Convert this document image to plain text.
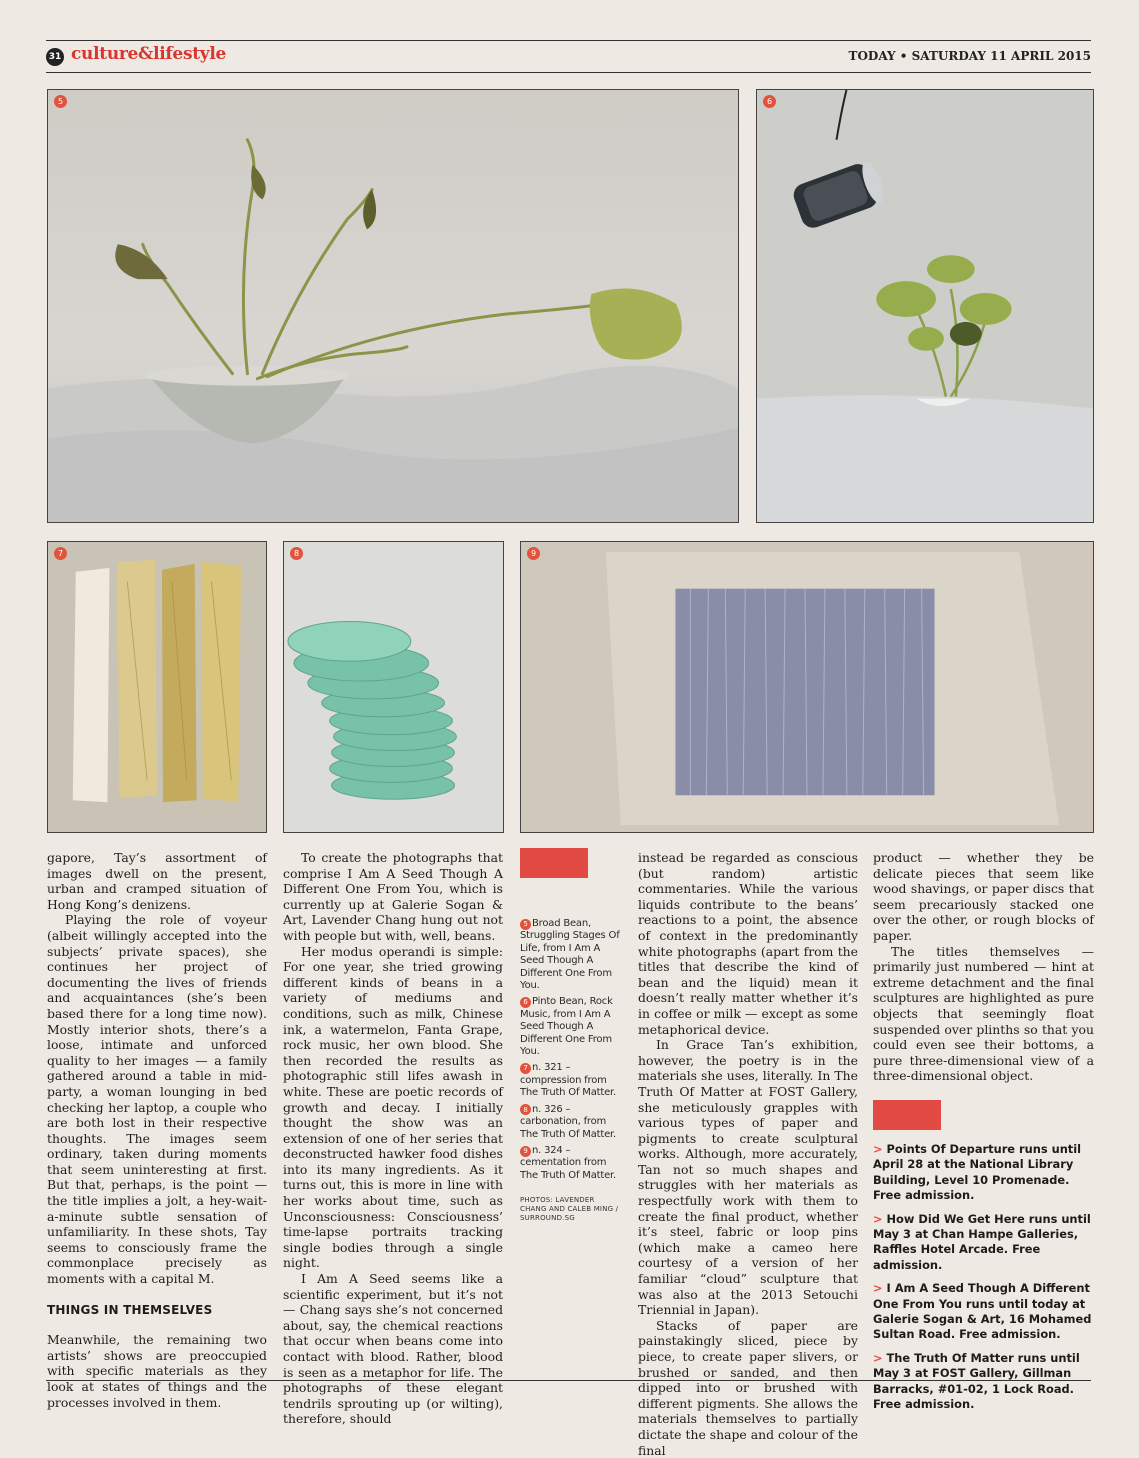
31 culture&lifestyle	TODAY • SATURDAY 11 APRIL 2015
5	6
7	8	9

gapore, Tay’s assortment of images dwell on the present, urban and cramped situation of Hong Kong’s denizens.

Playing the role of voyeur (albeit willingly accepted into the subjects’ private spaces), she continues her project of documenting the lives of friends and acquaintances (she’s been based there for a long time now). Mostly interior shots, there’s a loose, intimate and unforced quality to her images — a family gathered around a table in mid-party, a woman lounging in bed checking her laptop, a couple who are both lost in their respective thoughts. The images seem ordinary, taken during moments that seem uninteresting at first. But that, perhaps, is the point — the title implies a jolt, a hey-wait-a-minute subtle sensation of unfamiliarity. In these shots, Tay seems to consciously frame the commonplace precisely as moments with a capital M.

THINGS IN THEMSELVES

Meanwhile, the remaining two artists’ shows are preoccupied with specific materials as they look at states of things and the processes involved in them.

To create the photographs that comprise I Am A Seed Though A Different One From You, which is currently up at Galerie Sogan & Art, Lavender Chang hung out not with people but with, well, beans.

Her modus operandi is simple: For one year, she tried growing different kinds of beans in a variety of mediums and conditions, such as milk, Chinese ink, a watermelon, Fanta Grape, rock music, her own blood. She then recorded the results as photographic still lifes awash in white. These are poetic records of growth and decay. I initially thought the show was an extension of one of her series that deconstructed hawker food dishes into its many ingredients. As it turns out, this is more in line with her works about time, such as Unconsciousness: Consciousness’ time-lapse portraits tracking single bodies through a single night.

I Am A Seed seems like a scientific experiment, but it’s not — Chang says she’s not concerned about, say, the chemical reactions that occur when beans come into contact with blood. Rather, blood is seen as a metaphor for life. The photographs of these elegant tendrils sprouting up (or wilting), therefore, should

5 Broad Bean, Struggling Stages Of Life, from I Am A Seed Though A Different One From You.
6 Pinto Bean, Rock Music, from I Am A Seed Though A Different One From You.
7 n. 321 – compression from The Truth Of Matter.
8 n. 326 – carbonation, from The Truth Of Matter.
9 n. 324 – cementation from The Truth Of Matter.
PHOTOS: LAVENDER CHANG AND CALEB MING / SURROUND.SG

instead be regarded as conscious (but random) artistic commentaries. While the various liquids contribute to the beans’ reactions to a point, the absence of context in the predominantly white photographs (apart from the titles that describe the kind of bean and the liquid) mean it doesn’t really matter whether it’s in coffee or milk — except as some metaphorical device.

In Grace Tan’s exhibition, however, the poetry is in the materials she uses, literally. In The Truth Of Matter at FOST Gallery, she meticulously grapples with various types of paper and pigments to create sculptural works. Although, more accurately, Tan not so much shapes and struggles with her materials as respectfully work with them to create the final product, whether it’s steel, fabric or loop pins (which make a cameo here courtesy of a version of her familiar “cloud” sculpture that was also at the 2013 Setouchi Triennial in Japan).

Stacks of paper are painstakingly sliced, piece by piece, to create paper slivers, or brushed or sanded, and then dipped into or brushed with different pigments. She allows the materials themselves to partially dictate the shape and colour of the final

product — whether they be delicate pieces that seem like wood shavings, or paper discs that seem precariously stacked one over the other, or rough blocks of paper.

The titles themselves — primarily just numbered — hint at extreme detachment and the final sculptures are highlighted as pure objects that seemingly float suspended over plinths so that you could even see their bottoms, a pure three-dimensional view of a three-dimensional object.

> Points Of Departure runs until April 28 at the National Library Building, Level 10 Promenade. Free admission.
> How Did We Get Here runs until May 3 at Chan Hampe Galleries, Raffles Hotel Arcade. Free admission.
> I Am A Seed Though A Different One From You runs until today at Galerie Sogan & Art, 16 Mohamed Sultan Road. Free admission.
> The Truth Of Matter runs until May 3 at FOST Gallery, Gillman Barracks, #01-02, 1 Lock Road. Free admission.
